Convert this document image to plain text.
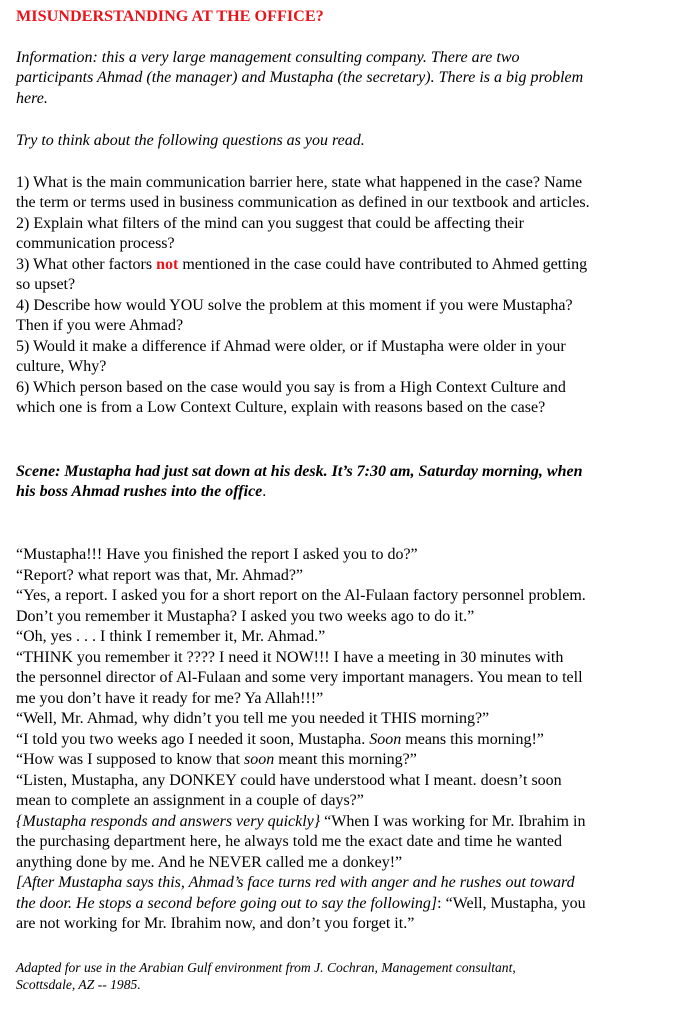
MISUNDERSTANDING AT THE OFFICE?
Information: this a very large management consulting company. There are two
participants Ahmad (the manager) and Mustapha (the secretary). There is a big problem
here.
Try to think about the following questions as you read.
1) What is the main communication barrier here, state what happened in the case? Name
the term or terms used in business communication as defined in our textbook and articles.
2) Explain what filters of the mind can you suggest that could be affecting their
communication process?
3) What other factors not mentioned in the case could have contributed to Ahmed getting
so upset?
4) Describe how would YOU solve the problem at this moment if you were Mustapha?
Then if you were Ahmad?
5) Would it make a difference if Ahmad were older, or if Mustapha were older in your
culture, Why?
6) Which person based on the case would you say is from a High Context Culture and
which one is from a Low Context Culture, explain with reasons based on the case?
Scene: Mustapha had just sat down at his desk. It’s 7:30 am, Saturday morning, when
his boss Ahmad rushes into the office.
“Mustapha!!! Have you finished the report I asked you to do?”
“Report? what report was that, Mr. Ahmad?”
“Yes, a report. I asked you for a short report on the Al-Fulaan factory personnel problem.
Don’t you remember it Mustapha? I asked you two weeks ago to do it.”
“Oh, yes . . . I think I remember it, Mr. Ahmad.”
“THINK you remember it ???? I need it NOW!!! I have a meeting in 30 minutes with
the personnel director of Al-Fulaan and some very important managers. You mean to tell
me you don’t have it ready for me? Ya Allah!!!”
“Well, Mr. Ahmad, why didn’t you tell me you needed it THIS morning?”
“I told you two weeks ago I needed it soon, Mustapha. Soon means this morning!”
“How was I supposed to know that soon meant this morning?”
“Listen, Mustapha, any DONKEY could have understood what I meant. doesn’t soon
mean to complete an assignment in a couple of days?”
{Mustapha responds and answers very quickly} “When I was working for Mr. Ibrahim in
the purchasing department here, he always told me the exact date and time he wanted
anything done by me. And he NEVER called me a donkey!”
[After Mustapha says this, Ahmad’s face turns red with anger and he rushes out toward
the door. He stops a second before going out to say the following]: “Well, Mustapha, you
are not working for Mr. Ibrahim now, and don’t you forget it.”
Adapted for use in the Arabian Gulf environment from J. Cochran, Management consultant,
Scottsdale, AZ -- 1985.
